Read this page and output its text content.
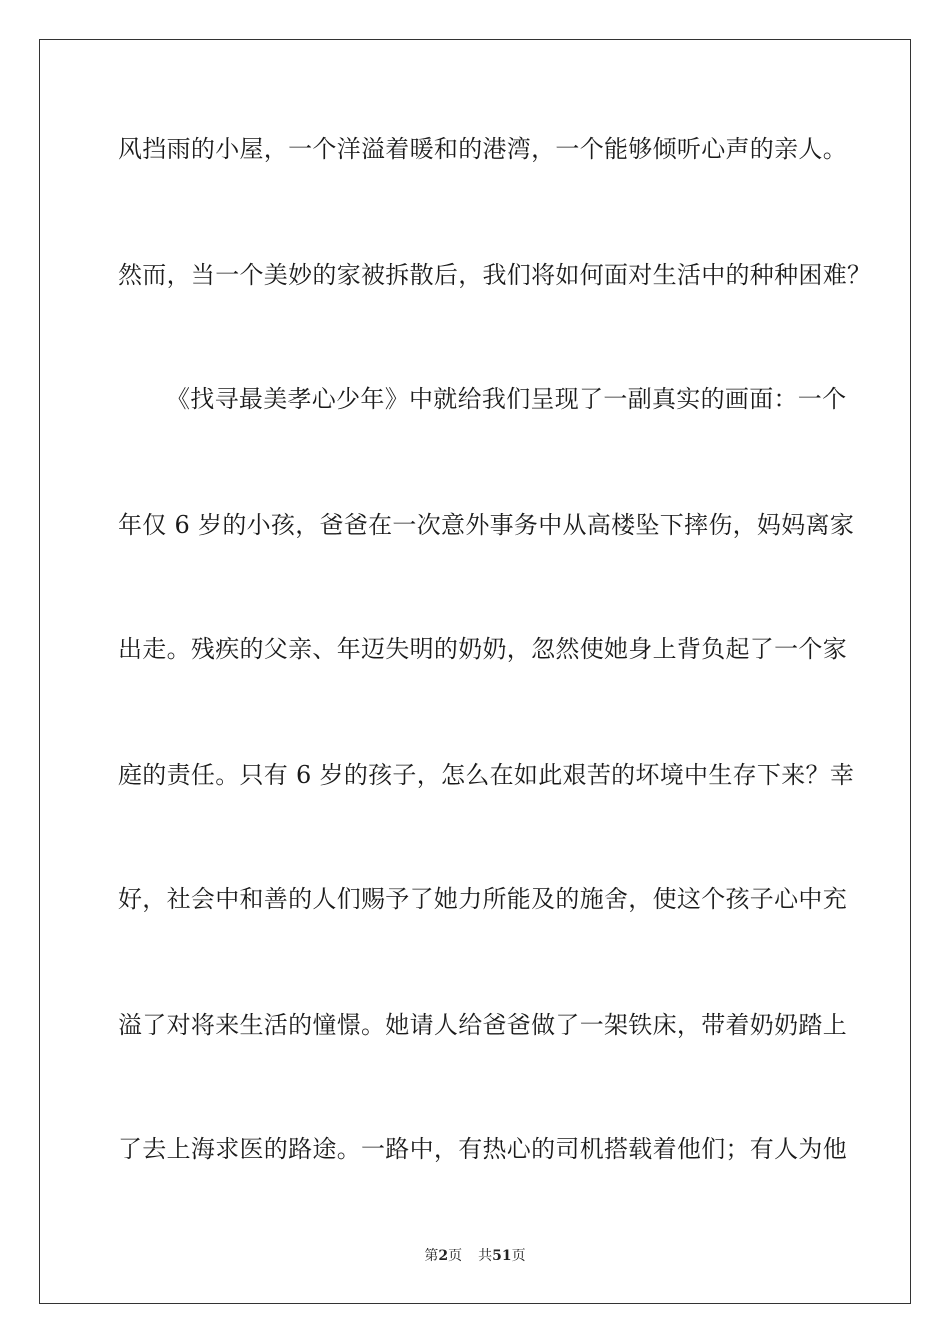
风挡雨的小屋，一个洋溢着暖和的港湾，一个能够倾听心声的亲人。
然而，当一个美妙的家被拆散后，我们将如何面对生活中的种种困难？
《找寻最美孝心少年》中就给我们呈现了一副真实的画面：一个
年仅 6 岁的小孩，爸爸在一次意外事务中从高楼坠下摔伤，妈妈离家
出走。残疾的父亲、年迈失明的奶奶，忽然使她身上背负起了一个家
庭的责任。只有 6 岁的孩子，怎么在如此艰苦的坏境中生存下来？幸
好，社会中和善的人们赐予了她力所能及的施舍，使这个孩子心中充
溢了对将来生活的憧憬。她请人给爸爸做了一架铁床，带着奶奶踏上
了去上海求医的路途。一路中，有热心的司机搭载着他们；有人为他
第2页 共51页
